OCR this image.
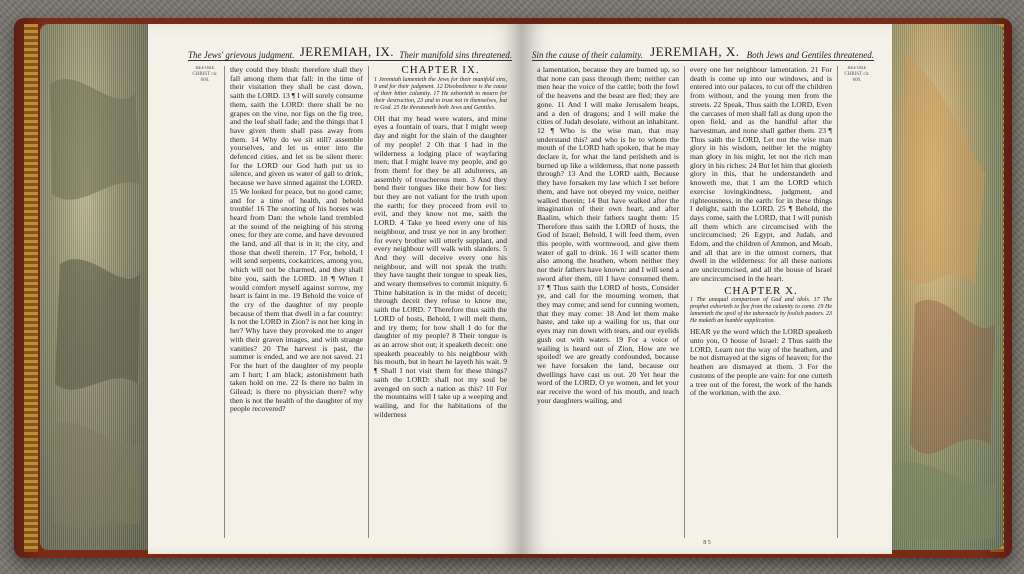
The Jews' grievous judgment. JEREMIAH, IX. Their manifold sins threatened.
BEFORE CHRIST cir. 600.
they could they blush: therefore shall they fall among them that fall: in the time of their visitation they shall be cast down, saith the LORD. 13 ¶ I will surely consume them, saith the LORD: there shall be no grapes on the vine, nor figs on the fig tree, and the leaf shall fade; and the things that I have given them shall pass away from them. 14 Why do we sit still? assemble yourselves, and let us enter into the defenced cities, and let us be silent there: for the LORD our God hath put us to silence, and given us water of gall to drink, because we have sinned against the LORD. 15 We looked for peace, but no good came; and for a time of health, and behold trouble! 16 The snorting of his horses was heard from Dan: the whole land trembled at the sound of the neighing of his strong ones; for they are come, and have devoured the land, and all that is in it; the city, and those that dwell therein. 17 For, behold, I will send serpents, cockatrices, among you, which will not be charmed, and they shall bite you, saith the LORD. 18 ¶ When I would comfort myself against sorrow, my heart is faint in me. 19 Behold the voice of the cry of the daughter of my people because of them that dwell in a far country: Is not the LORD in Zion? is not her king in her? Why have they provoked me to anger with their graven images, and with strange vanities? 20 The harvest is past, the summer is ended, and we are not saved. 21 For the hurt of the daughter of my people am I hurt; I am black; astonishment hath taken hold on me. 22 Is there no balm in Gilead; is there no physician there? why then is not the health of the daughter of my people recovered?
CHAPTER IX.
1 Jeremiah lamenteth the Jews for their manifold sins, 9 and for their judgment. 12 Disobedience is the cause of their bitter calamity. 17 He exhorteth to mourn for their destruction, 23 and to trust not in themselves, but in God. 25 He threateneth both Jews and Gentiles.
OH that my head were waters, and mine eyes a fountain of tears, that I might weep day and night for the slain of the daughter of my people! 2 Oh that I had in the wilderness a lodging place of wayfaring men; that I might leave my people, and go from them! for they be all adulterers, an assembly of treacherous men. 3 And they bend their tongues like their bow for lies: but they are not valiant for the truth upon the earth; for they proceed from evil to evil, and they know not me, saith the LORD. 4 Take ye heed every one of his neighbour, and trust ye not in any brother: for every brother will utterly supplant, and every neighbour will walk with slanders. 5 And they will deceive every one his neighbour, and will not speak the truth: they have taught their tongue to speak lies, and weary themselves to commit iniquity. 6 Thine habitation is in the midst of deceit; through deceit they refuse to know me, saith the LORD. 7 Therefore thus saith the LORD of hosts, Behold, I will melt them, and try them; for how shall I do for the daughter of my people? 8 Their tongue is as an arrow shot out; it speaketh deceit: one speaketh peaceably to his neighbour with his mouth, but in heart he layeth his wait. 9 ¶ Shall I not visit them for these things? saith the LORD: shall not my soul be avenged on such a nation as this? 10 For the mountains will I take up a weeping and wailing, and for the habitations of the wilderness
Sin the cause of their calamity. JEREMIAH, X. Both Jews and Gentiles threatened.
a lamentation, because they are burned up, so that none can pass through them; neither can men hear the voice of the cattle; both the fowl of the heavens and the beast are fled; they are gone. 11 And I will make Jerusalem heaps, and a den of dragons; and I will make the cities of Judah desolate, without an inhabitant. 12 ¶ Who is the wise man, that may understand this? and who is he to whom the mouth of the LORD hath spoken, that he may declare it, for what the land perisheth and is burned up like a wilderness, that none passeth through? 13 And the LORD saith, Because they have forsaken my law which I set before them, and have not obeyed my voice, neither walked therein; 14 But have walked after the imagination of their own heart, and after Baalim, which their fathers taught them: 15 Therefore thus saith the LORD of hosts, the God of Israel; Behold, I will feed them, even this people, with wormwood, and give them water of gall to drink. 16 I will scatter them also among the heathen, whom neither they nor their fathers have known: and I will send a sword after them, till I have consumed them. 17 ¶ Thus saith the LORD of hosts, Consider ye, and call for the mourning women, that they may come; and send for cunning women, that they may come: 18 And let them make haste, and take up a wailing for us, that our eyes may run down with tears, and our eyelids gush out with waters. 19 For a voice of wailing is heard out of Zion, How are we spoiled! we are greatly confounded, because we have forsaken the land, because our dwellings have cast us out. 20 Yet hear the word of the LORD, O ye women, and let your ear receive the word of his mouth, and teach your daughters wailing, and
every one her neighbour lamentation. 21 For death is come up into our windows, and is entered into our palaces, to cut off the children from without, and the young men from the streets. 22 Speak, Thus saith the LORD, Even the carcases of men shall fall as dung upon the open field, and as the handful after the harvestman, and none shall gather them. 23 ¶ Thus saith the LORD, Let not the wise man glory in his wisdom, neither let the mighty man glory in his might, let not the rich man glory in his riches: 24 But let him that glorieth glory in this, that he understandeth and knoweth me, that I am the LORD which exercise lovingkindness, judgment, and righteousness, in the earth: for in these things I delight, saith the LORD. 25 ¶ Behold, the days come, saith the LORD, that I will punish all them which are circumcised with the uncircumcised; 26 Egypt, and Judah, and Edom, and the children of Ammon, and Moab, and all that are in the utmost corners, that dwell in the wilderness: for all these nations are uncircumcised, and all the house of Israel are uncircumcised in the heart.
CHAPTER X.
1 The unequal comparison of God and idols. 17 The prophet exhorteth to flee from the calamity to come. 19 He lamenteth the spoil of the tabernacle by foolish pastors. 23 He maketh an humble supplication.
HEAR ye the word which the LORD speaketh unto you, O house of Israel: 2 Thus saith the LORD, Learn not the way of the heathen, and be not dismayed at the signs of heaven; for the heathen are dismayed at them. 3 For the customs of the people are vain: for one cutteth a tree out of the forest, the work of the hands of the workman, with the axe.
BEFORE CHRIST cir. 600.
8 5
